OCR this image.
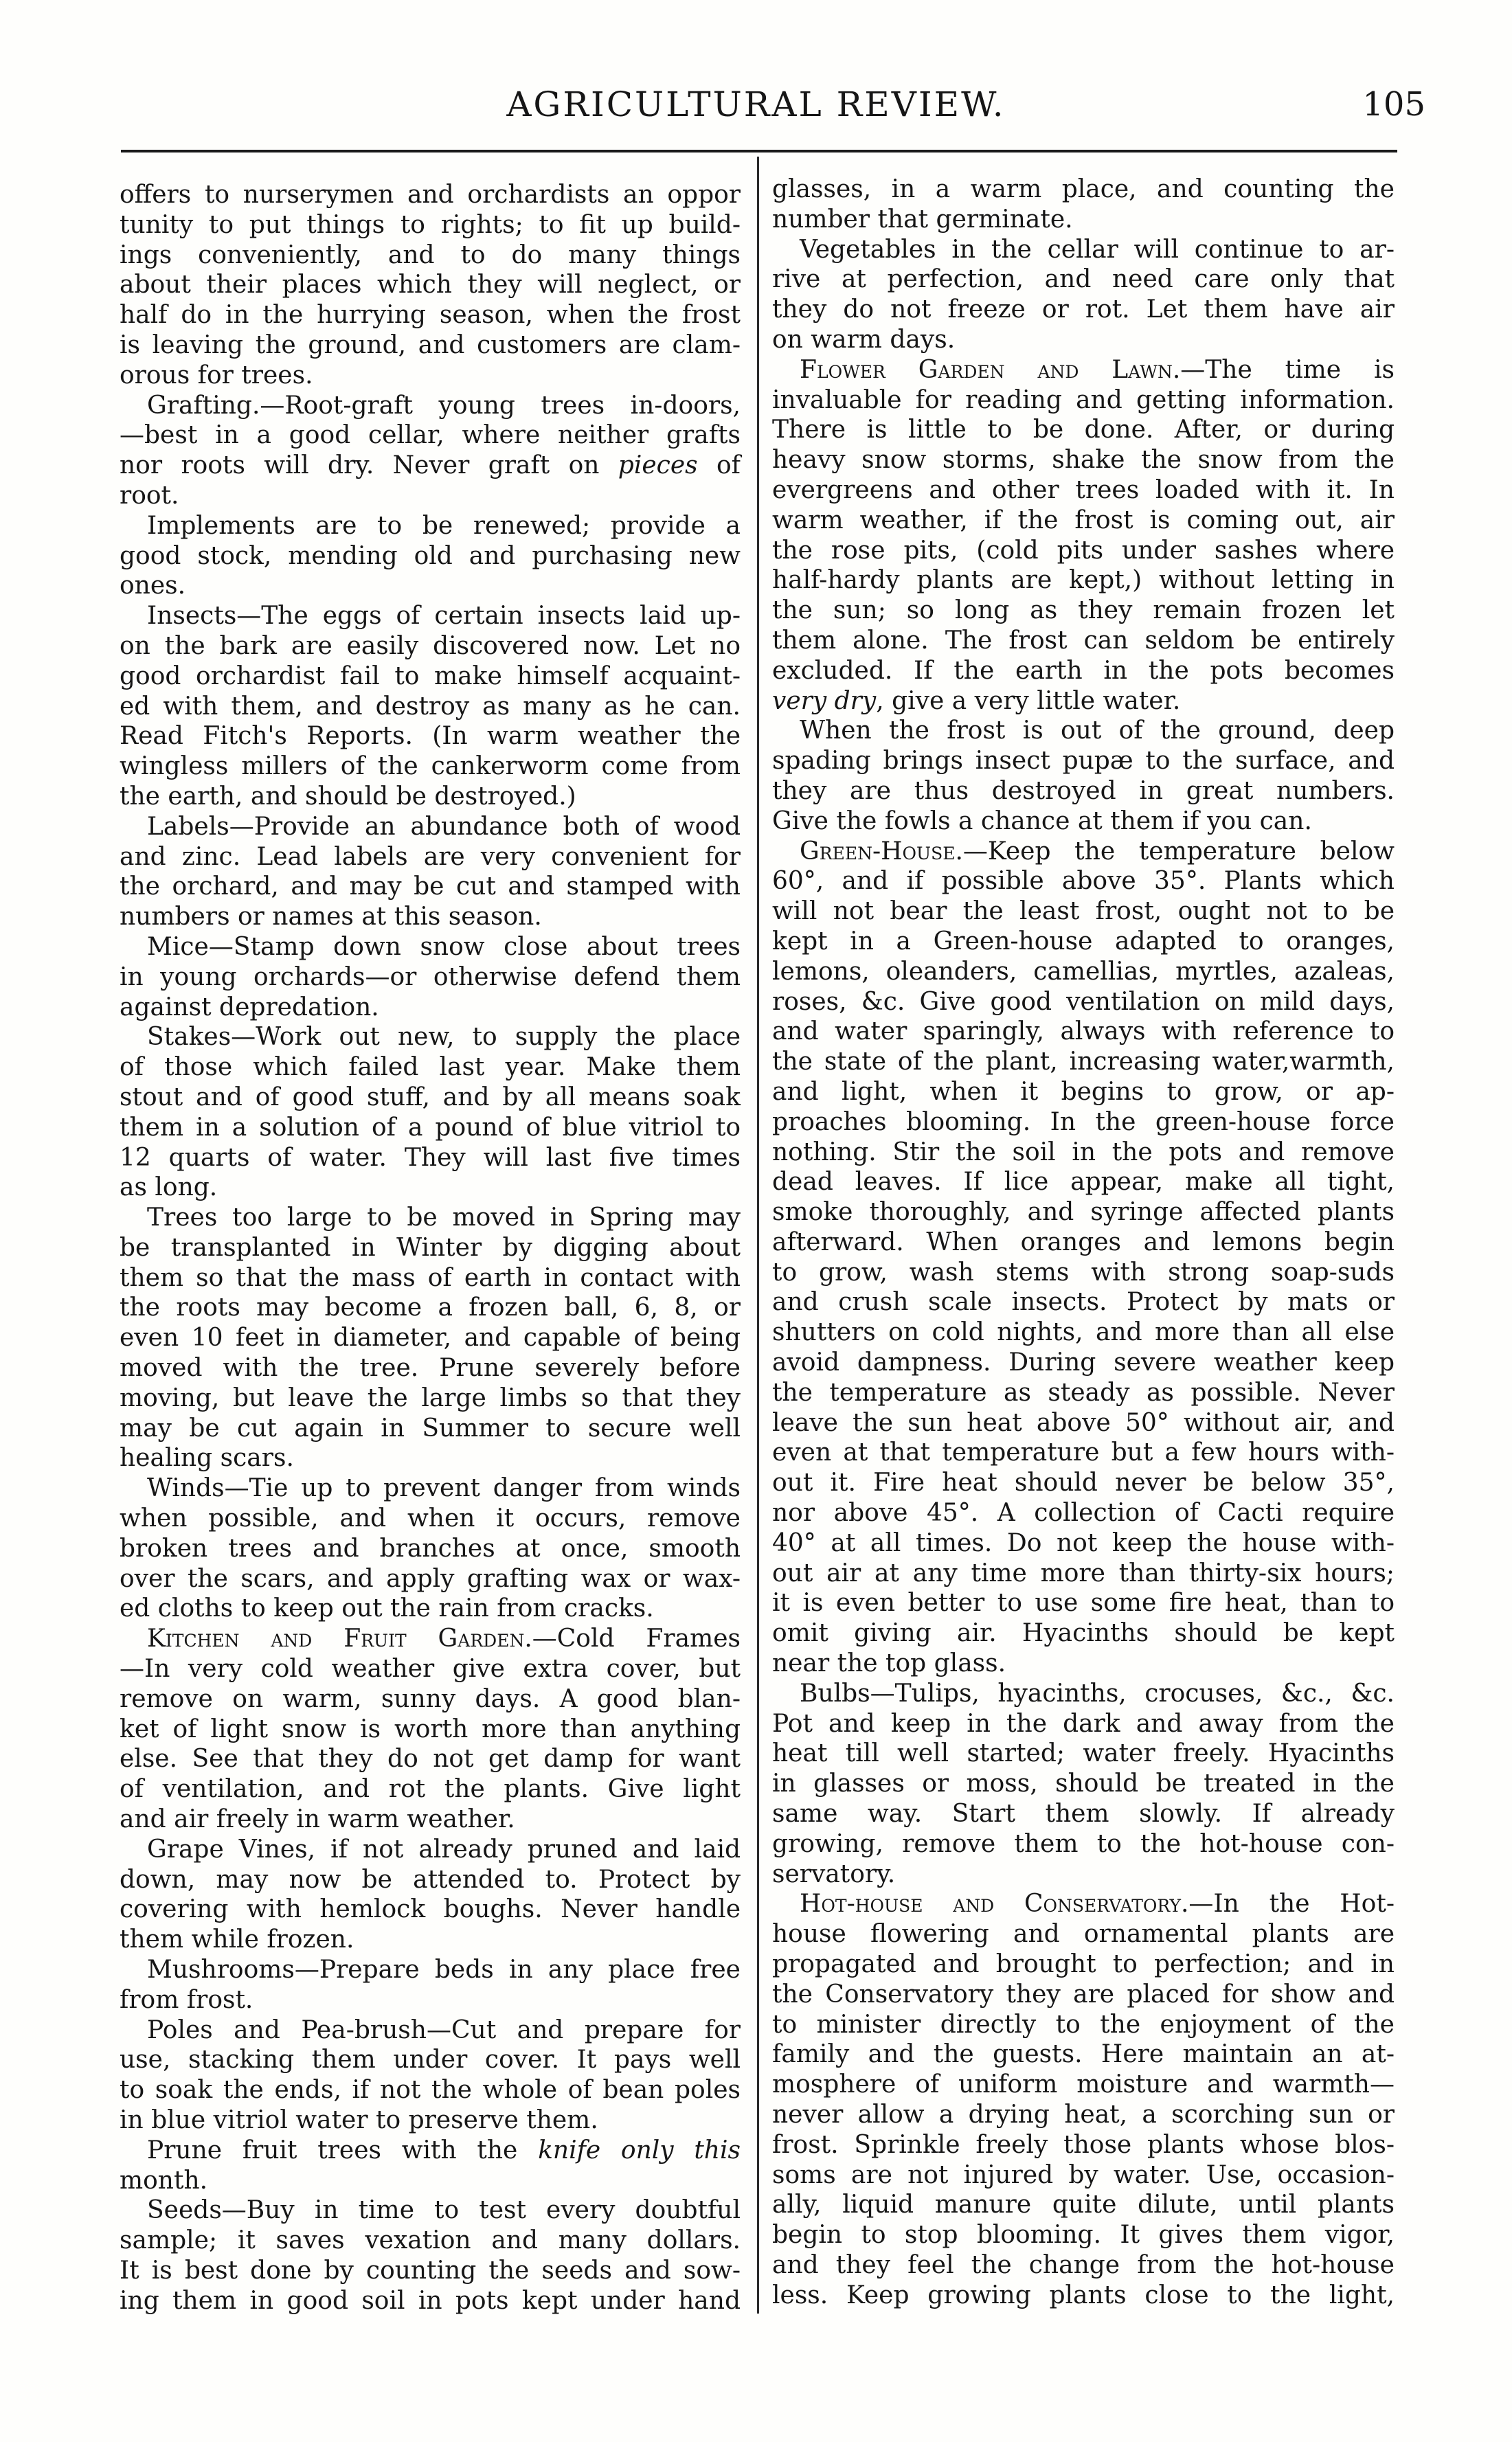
AGRICULTURAL REVIEW.	105
offers to nurserymen and orchardists an oppor
tunity to put things to rights; to fit up build-
ings conveniently, and to do many things
about their places which they will neglect, or
half do in the hurrying season, when the frost
is leaving the ground, and customers are clam-
orous for trees.
Grafting.—Root-graft young trees in-doors,
—best in a good cellar, where neither grafts
nor roots will dry. Never graft on pieces of
root.
Implements are to be renewed; provide a
good stock, mending old and purchasing new
ones.
Insects—The eggs of certain insects laid up-
on the bark are easily discovered now. Let no
good orchardist fail to make himself acquaint-
ed with them, and destroy as many as he can.
Read Fitch's Reports. (In warm weather the
wingless millers of the cankerworm come from
the earth, and should be destroyed.)
Labels—Provide an abundance both of wood
and zinc. Lead labels are very convenient for
the orchard, and may be cut and stamped with
numbers or names at this season.
Mice—Stamp down snow close about trees
in young orchards—or otherwise defend them
against depredation.
Stakes—Work out new, to supply the place
of those which failed last year. Make them
stout and of good stuff, and by all means soak
them in a solution of a pound of blue vitriol to
12 quarts of water. They will last five times
as long.
Trees too large to be moved in Spring may
be transplanted in Winter by digging about
them so that the mass of earth in contact with
the roots may become a frozen ball, 6, 8, or
even 10 feet in diameter, and capable of being
moved with the tree. Prune severely before
moving, but leave the large limbs so that they
may be cut again in Summer to secure well
healing scars.
Winds—Tie up to prevent danger from winds
when possible, and when it occurs, remove
broken trees and branches at once, smooth
over the scars, and apply grafting wax or wax-
ed cloths to keep out the rain from cracks.
Kitchen and Fruit Garden.—Cold Frames
—In very cold weather give extra cover, but
remove on warm, sunny days. A good blan-
ket of light snow is worth more than anything
else. See that they do not get damp for want
of ventilation, and rot the plants. Give light
and air freely in warm weather.
Grape Vines, if not already pruned and laid
down, may now be attended to. Protect by
covering with hemlock boughs. Never handle
them while frozen.
Mushrooms—Prepare beds in any place free
from frost.
Poles and Pea-brush—Cut and prepare for
use, stacking them under cover. It pays well
to soak the ends, if not the whole of bean poles
in blue vitriol water to preserve them.
Prune fruit trees with the knife only this
month.
Seeds—Buy in time to test every doubtful
sample; it saves vexation and many dollars.
It is best done by counting the seeds and sow-
ing them in good soil in pots kept under hand
glasses, in a warm place, and counting the
number that germinate.
Vegetables in the cellar will continue to ar-
rive at perfection, and need care only that
they do not freeze or rot. Let them have air
on warm days.
Flower Garden and Lawn.—The time is
invaluable for reading and getting information.
There is little to be done. After, or during
heavy snow storms, shake the snow from the
evergreens and other trees loaded with it. In
warm weather, if the frost is coming out, air
the rose pits, (cold pits under sashes where
half-hardy plants are kept,) without letting in
the sun; so long as they remain frozen let
them alone. The frost can seldom be entirely
excluded. If the earth in the pots becomes
very dry, give a very little water.
When the frost is out of the ground, deep
spading brings insect pupæ to the surface, and
they are thus destroyed in great numbers.
Give the fowls a chance at them if you can.
Green-House.—Keep the temperature below
60°, and if possible above 35°. Plants which
will not bear the least frost, ought not to be
kept in a Green-house adapted to oranges,
lemons, oleanders, camellias, myrtles, azaleas,
roses, &c. Give good ventilation on mild days,
and water sparingly, always with reference to
the state of the plant, increasing water,warmth,
and light, when it begins to grow, or ap-
proaches blooming. In the green-house force
nothing. Stir the soil in the pots and remove
dead leaves. If lice appear, make all tight,
smoke thoroughly, and syringe affected plants
afterward. When oranges and lemons begin
to grow, wash stems with strong soap-suds
and crush scale insects. Protect by mats or
shutters on cold nights, and more than all else
avoid dampness. During severe weather keep
the temperature as steady as possible. Never
leave the sun heat above 50° without air, and
even at that temperature but a few hours with-
out it. Fire heat should never be below 35°,
nor above 45°. A collection of Cacti require
40° at all times. Do not keep the house with-
out air at any time more than thirty-six hours;
it is even better to use some fire heat, than to
omit giving air. Hyacinths should be kept
near the top glass.
Bulbs—Tulips, hyacinths, crocuses, &c., &c.
Pot and keep in the dark and away from the
heat till well started; water freely. Hyacinths
in glasses or moss, should be treated in the
same way. Start them slowly. If already
growing, remove them to the hot-house con-
servatory.
Hot-house and Conservatory.—In the Hot-
house flowering and ornamental plants are
propagated and brought to perfection; and in
the Conservatory they are placed for show and
to minister directly to the enjoyment of the
family and the guests. Here maintain an at-
mosphere of uniform moisture and warmth—
never allow a drying heat, a scorching sun or
frost. Sprinkle freely those plants whose blos-
soms are not injured by water. Use, occasion-
ally, liquid manure quite dilute, until plants
begin to stop blooming. It gives them vigor,
and they feel the change from the hot-house
less. Keep growing plants close to the light,
